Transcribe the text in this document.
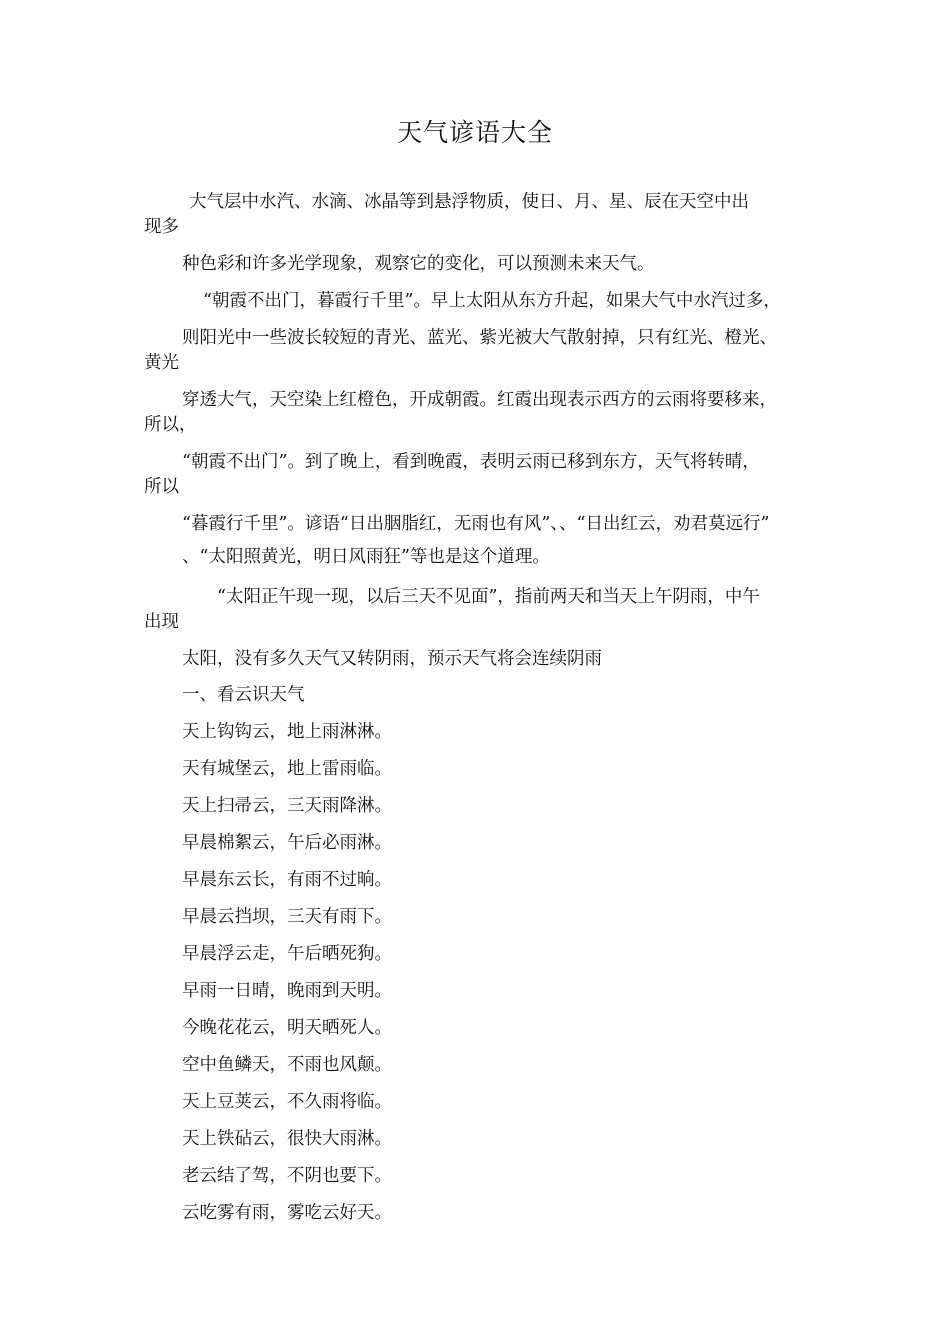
天气谚语大全
大气层中水汽、水滴、冰晶等到悬浮物质，使日、月、星、辰在天空中出
现多
种色彩和许多光学现象，观察它的变化，可以预测未来天气。
“朝霞不出门，暮霞行千里”。早上太阳从东方升起，如果大气中水汽过多，
则阳光中一些波长较短的青光、蓝光、紫光被大气散射掉，只有红光、橙光、
黄光
穿透大气，天空染上红橙色，开成朝霞。红霞出现表示西方的云雨将要移来，
所以，
“朝霞不出门”。到了晚上，看到晚霞，表明云雨已移到东方，天气将转晴，
所以
“暮霞行千里”。谚语“日出胭脂红，无雨也有风”、、“日出红云，劝君莫远行”
、“太阳照黄光，明日风雨狂”等也是这个道理。
“太阳正午现一现，以后三天不见面”，指前两天和当天上午阴雨，中午
出现
太阳，没有多久天气又转阴雨，预示天气将会连续阴雨
一、看云识天气
天上钩钩云，地上雨淋淋。
天有城堡云，地上雷雨临。
天上扫帚云，三天雨降淋。
早晨棉絮云，午后必雨淋。
早晨东云长，有雨不过晌。
早晨云挡坝，三天有雨下。
早晨浮云走，午后晒死狗。
早雨一日晴，晚雨到天明。
今晚花花云，明天晒死人。
空中鱼鳞天，不雨也风颠。
天上豆荚云，不久雨将临。
天上铁砧云，很快大雨淋。
老云结了驾，不阴也要下。
云吃雾有雨，雾吃云好天。
